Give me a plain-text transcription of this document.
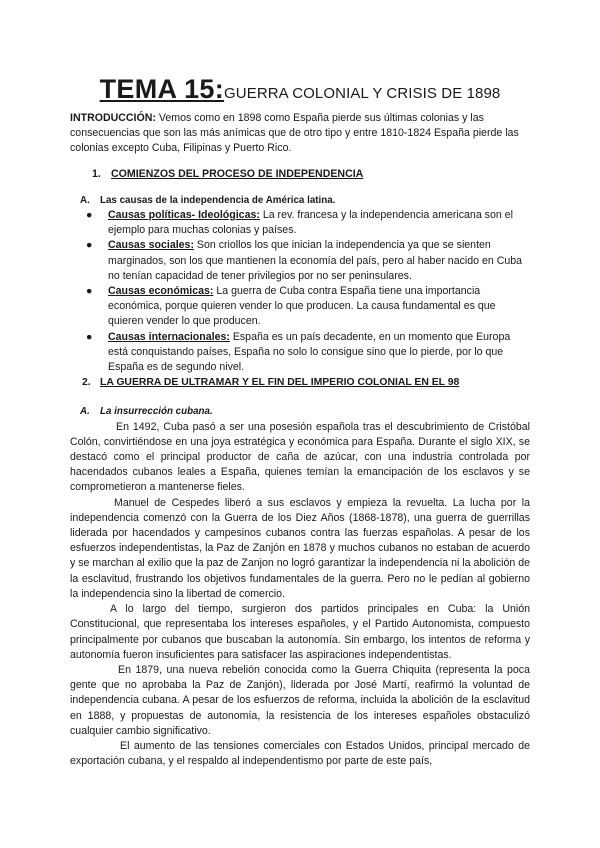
TEMA 15:GUERRA COLONIAL Y CRISIS DE 1898

INTRODUCCIÓN: Vemos como en 1898 como España pierde sus últimas colonias y las consecuencias que son las más anímicas que de otro tipo y entre 1810-1824 España pierde las colonias excepto Cuba, Filipinas y Puerto Rico.

1. COMIENZOS DEL PROCESO DE INDEPENDENCIA

A. Las causas de la independencia de América latina.

● Causas políticas- Ideológicas: La rev. francesa y la independencia americana son el ejemplo para muchas colonias y países.
● Causas sociales: Son criollos los que inician la independencia ya que se sienten marginados, son los que mantienen la economía del país, pero al haber nacido en Cuba no tenían capacidad de tener privilegios por no ser peninsulares.
● Causas económicas: La guerra de Cuba contra España tiene una importancia económica, porque quieren vender lo que producen. La causa fundamental es que quieren vender lo que producen.
● Causas internacionales: España es un país decadente, en un momento que Europa está conquistando países, España no solo lo consigue sino que lo pierde, por lo que España es de segundo nivel.

2. LA GUERRA DE ULTRAMAR Y EL FIN DEL IMPERIO COLONIAL EN EL 98

A. La insurrección cubana.

En 1492, Cuba pasó a ser una posesión española tras el descubrimiento de Cristóbal Colón, convirtiéndose en una joya estratégica y económica para España. Durante el siglo XIX, se destacó como el principal productor de caña de azúcar, con una industria controlada por hacendados cubanos leales a España, quienes temían la emancipación de los esclavos y se comprometieron a mantenerse fieles.

Manuel de Cespedes liberó a sus esclavos y empieza la revuelta. La lucha por la independencia comenzó con la Guerra de los Diez Años (1868-1878), una guerra de guerrillas liderada por hacendados y campesinos cubanos contra las fuerzas españolas. A pesar de los esfuerzos independentistas, la Paz de Zanjón en 1878 y muchos cubanos no estaban de acuerdo y se marchan al exilio que la paz de Zanjon no logró garantizar la independencia ni la abolición de la esclavitud, frustrando los objetivos fundamentales de la guerra. Pero no le pedían al gobierno la independencia sino la libertad de comercio.

A lo largo del tiempo, surgieron dos partidos principales en Cuba: la Unión Constitucional, que representaba los intereses españoles, y el Partido Autonomista, compuesto principalmente por cubanos que buscaban la autonomía. Sin embargo, los intentos de reforma y autonomía fueron insuficientes para satisfacer las aspiraciones independentistas.

En 1879, una nueva rebelión conocida como la Guerra Chiquita (representa la poca gente que no aprobaba la Paz de Zanjón), liderada por José Martí, reafirmó la voluntad de independencia cubana. A pesar de los esfuerzos de reforma, incluida la abolición de la esclavitud en 1888, y propuestas de autonomía, la resistencia de los intereses españoles obstaculizó cualquier cambio significativo.

El aumento de las tensiones comerciales con Estados Unidos, principal mercado de exportación cubana, y el respaldo al independentismo por parte de este país,
